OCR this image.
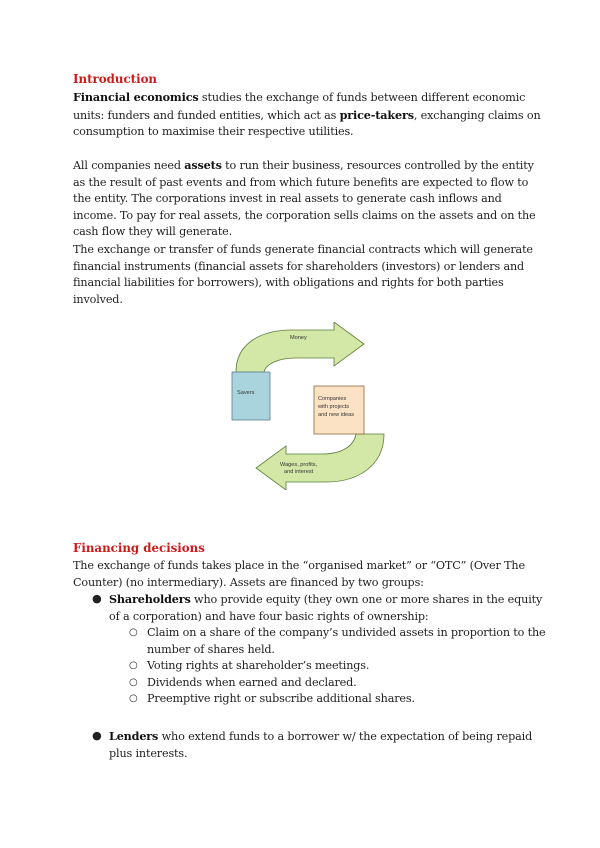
Introduction
Financial economics studies the exchange of funds between different economic units: funders and funded entities, which act as price-takers, exchanging claims on consumption to maximise their respective utilities.
All companies need assets to run their business, resources controlled by the entity as the result of past events and from which future benefits are expected to flow to the entity. The corporations invest in real assets to generate cash inflows and income. To pay for real assets, the corporation sells claims on the assets and on the cash flow they will generate.
The exchange or transfer of funds generate financial contracts which will generate financial instruments (financial assets for shareholders (investors) or lenders and financial liabilities for borrowers), with obligations and rights for both parties involved.
Money
Savers
Companies
with projects
and new ideas
Wages, profits,
and interest
Financing decisions
The exchange of funds takes place in the “organised market” or “OTC” (Over The Counter) (no intermediary). Assets are financed by two groups:
● Shareholders who provide equity (they own one or more shares in the equity of a corporation) and have four basic rights of ownership:
○ Claim on a share of the company’s undivided assets in proportion to the number of shares held.
○ Voting rights at shareholder’s meetings.
○ Dividends when earned and declared.
○ Preemptive right or subscribe additional shares.
● Lenders who extend funds to a borrower w/ the expectation of being repaid plus interests.
